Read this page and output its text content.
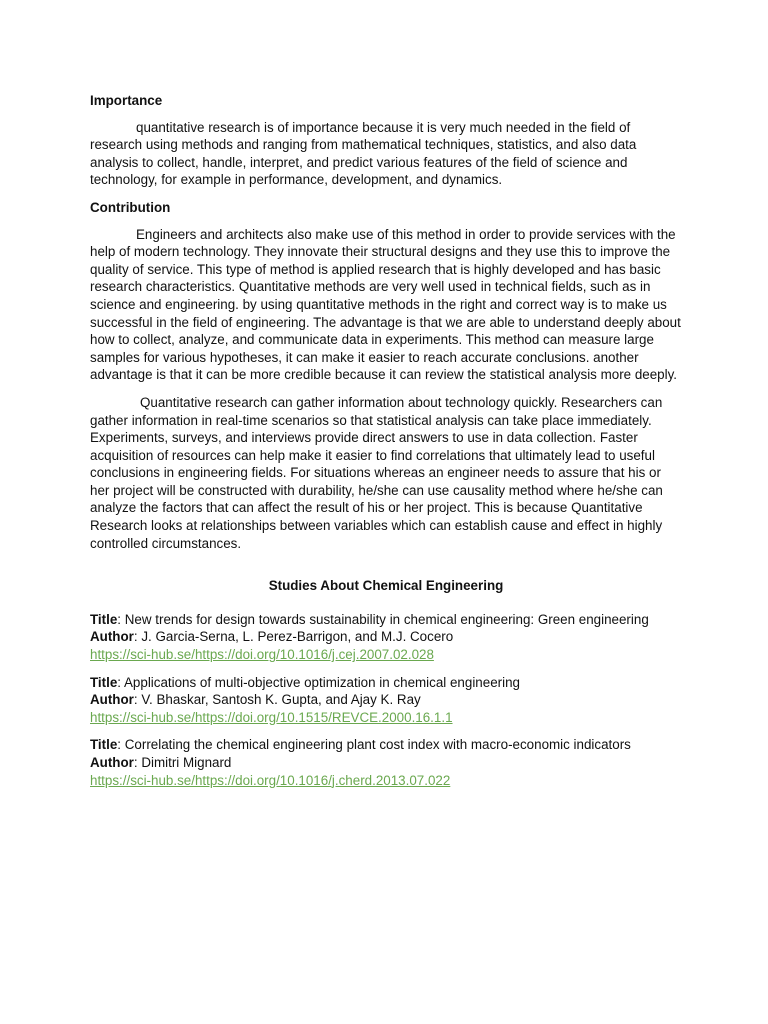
Importance

quantitative research is of importance because it is very much needed in the field of research using methods and ranging from mathematical techniques, statistics, and also data analysis to collect, handle, interpret, and predict various features of the field of science and technology, for example in performance, development, and dynamics.

Contribution

Engineers and architects also make use of this method in order to provide services with the help of modern technology. They innovate their structural designs and they use this to improve the quality of service. This type of method is applied research that is highly developed and has basic research characteristics. Quantitative methods are very well used in technical fields, such as in science and engineering. by using quantitative methods in the right and correct way is to make us successful in the field of engineering. The advantage is that we are able to understand deeply about how to collect, analyze, and communicate data in experiments. This method can measure large samples for various hypotheses, it can make it easier to reach accurate conclusions. another advantage is that it can be more credible because it can review the statistical analysis more deeply.

Quantitative research can gather information about technology quickly. Researchers can gather information in real-time scenarios so that statistical analysis can take place immediately. Experiments, surveys, and interviews provide direct answers to use in data collection. Faster acquisition of resources can help make it easier to find correlations that ultimately lead to useful conclusions in engineering fields. For situations whereas an engineer needs to assure that his or her project will be constructed with durability, he/she can use causality method where he/she can analyze the factors that can affect the result of his or her project. This is because Quantitative Research looks at relationships between variables which can establish cause and effect in highly controlled circumstances.

Studies About Chemical Engineering
Title: New trends for design towards sustainability in chemical engineering: Green engineering
Author: J. Garcia-Serna, L. Perez-Barrigon, and M.J. Cocero
https://sci-hub.se/https://doi.org/10.1016/j.cej.2007.02.028
Title: Applications of multi-objective optimization in chemical engineering
Author: V. Bhaskar, Santosh K. Gupta, and Ajay K. Ray
https://sci-hub.se/https://doi.org/10.1515/REVCE.2000.16.1.1
Title: Correlating the chemical engineering plant cost index with macro-economic indicators
Author: Dimitri Mignard
https://sci-hub.se/https://doi.org/10.1016/j.cherd.2013.07.022
